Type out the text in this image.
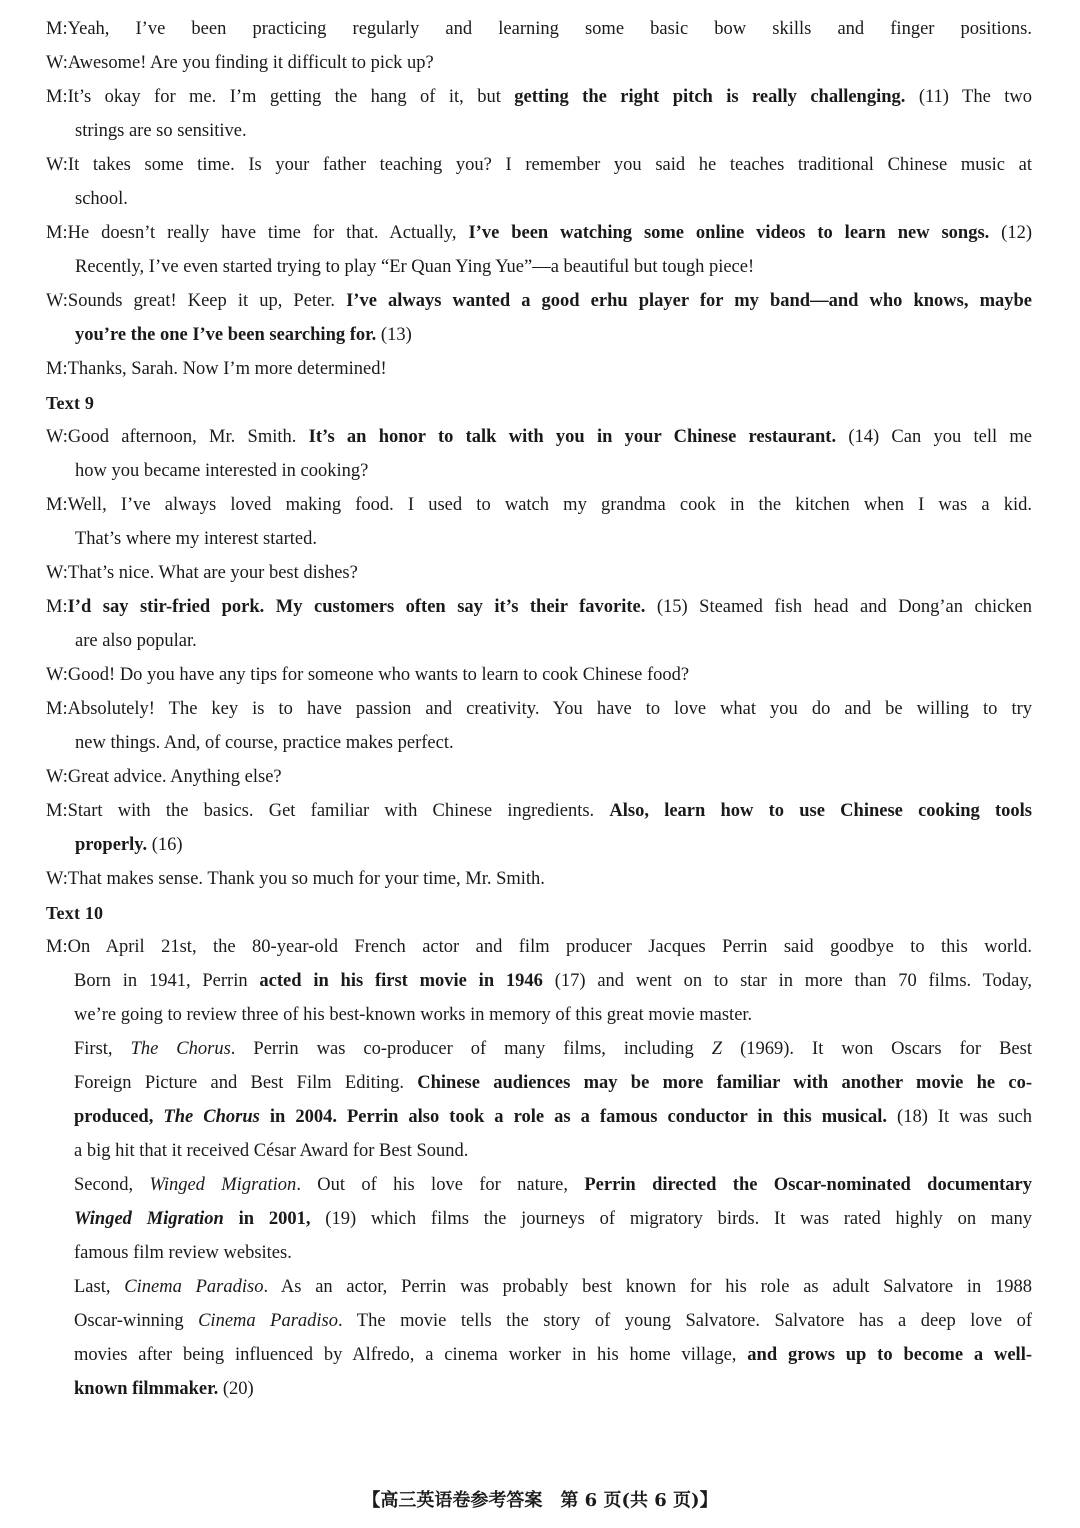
M:Yeah, I’ve been practicing regularly and learning some basic bow skills and finger positions.
W:Awesome! Are you finding it difficult to pick up?
M:It’s okay for me. I’m getting the hang of it, but getting the right pitch is really challenging. (11) The two
strings are so sensitive.
W:It takes some time. Is your father teaching you? I remember you said he teaches traditional Chinese music at
school.
M:He doesn’t really have time for that. Actually, I’ve been watching some online videos to learn new songs. (12)
Recently, I’ve even started trying to play “Er Quan Ying Yue”—a beautiful but tough piece!
W:Sounds great! Keep it up, Peter. I’ve always wanted a good erhu player for my band—and who knows, maybe
you’re the one I’ve been searching for. (13)
M:Thanks, Sarah. Now I’m more determined!
Text 9
W:Good afternoon, Mr. Smith. It’s an honor to talk with you in your Chinese restaurant. (14) Can you tell me
how you became interested in cooking?
M:Well, I’ve always loved making food. I used to watch my grandma cook in the kitchen when I was a kid.
That’s where my interest started.
W:That’s nice. What are your best dishes?
M:I’d say stir-fried pork. My customers often say it’s their favorite. (15) Steamed fish head and Dong’an chicken
are also popular.
W:Good! Do you have any tips for someone who wants to learn to cook Chinese food?
M:Absolutely! The key is to have passion and creativity. You have to love what you do and be willing to try
new things. And, of course, practice makes perfect.
W:Great advice. Anything else?
M:Start with the basics. Get familiar with Chinese ingredients. Also, learn how to use Chinese cooking tools
properly. (16)
W:That makes sense. Thank you so much for your time, Mr. Smith.
Text 10
M:On April 21st, the 80-year-old French actor and film producer Jacques Perrin said goodbye to this world.
Born in 1941, Perrin acted in his first movie in 1946 (17) and went on to star in more than 70 films. Today,
we’re going to review three of his best-known works in memory of this great movie master.
First, The Chorus. Perrin was co-producer of many films, including Z (1969). It won Oscars for Best
Foreign Picture and Best Film Editing. Chinese audiences may be more familiar with another movie he co-
produced, The Chorus in 2004. Perrin also took a role as a famous conductor in this musical. (18) It was such
a big hit that it received César Award for Best Sound.
Second, Winged Migration. Out of his love for nature, Perrin directed the Oscar-nominated documentary
Winged Migration in 2001, (19) which films the journeys of migratory birds. It was rated highly on many
famous film review websites.
Last, Cinema Paradiso. As an actor, Perrin was probably best known for his role as adult Salvatore in 1988
Oscar-winning Cinema Paradiso. The movie tells the story of young Salvatore. Salvatore has a deep love of
movies after being influenced by Alfredo, a cinema worker in his home village, and grows up to become a well-
known filmmaker. (20)
【高三英语卷参考答案　第 6 页(共 6 页)】
